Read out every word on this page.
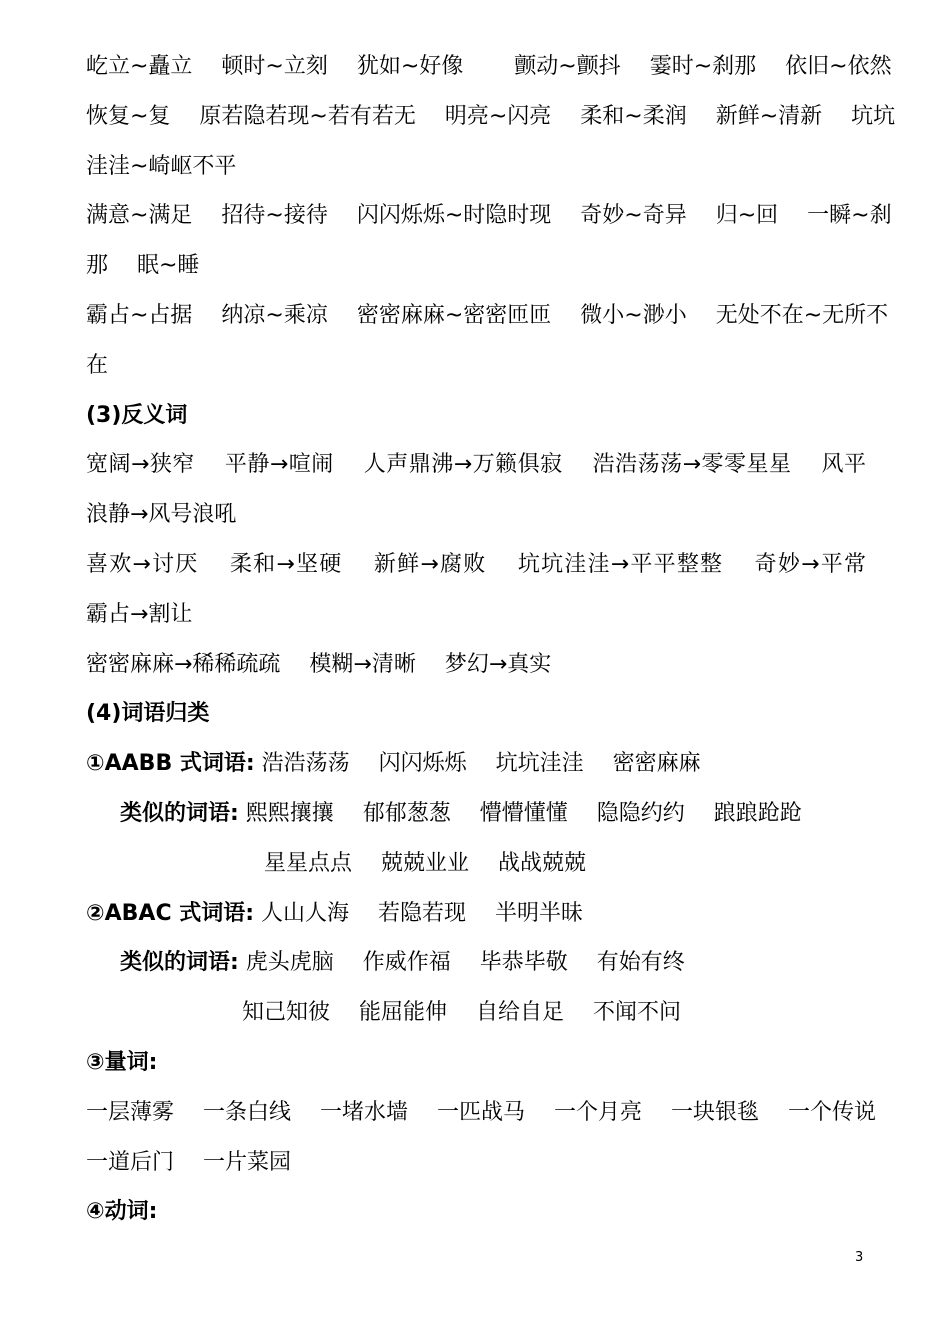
屹立~矗立　 顿时~立刻　 犹如~好像　 　颤动~颤抖　 霎时~刹那　 依旧~依然
恢复~复　 原若隐若现~若有若无　 明亮~闪亮　 柔和~柔润　 新鲜~清新　 坑坑
洼洼~崎岖不平
满意~满足　 招待~接待　 闪闪烁烁~时隐时现　 奇妙~奇异　 归~回　 一瞬~刹
那　 眠~睡
霸占~占据　 纳凉~乘凉　 密密麻麻~密密匝匝　 微小~渺小　 无处不在~无所不
在
(3)反义词
宽阔→狭窄　 平静→喧闹　 人声鼎沸→万籁俱寂　 浩浩荡荡→零零星星　 风平
浪静→风号浪吼
喜欢→讨厌　 柔和→坚硬　 新鲜→腐败　 坑坑洼洼→平平整整　 奇妙→平常
霸占→割让
密密麻麻→稀稀疏疏　 模糊→清晰　 梦幻→真实
(4)词语归类
①AABB 式词语: 浩浩荡荡　 闪闪烁烁　 坑坑洼洼　 密密麻麻
类似的词语: 熙熙攘攘　 郁郁葱葱　 懵懵懂懂　 隐隐约约　 踉踉跄跄
星星点点　 兢兢业业　 战战兢兢
②ABAC 式词语: 人山人海　 若隐若现　 半明半昧
类似的词语: 虎头虎脑　 作威作福　 毕恭毕敬　 有始有终
知己知彼　 能屈能伸　 自给自足　 不闻不问
③量词:
一层薄雾　 一条白线　 一堵水墙　 一匹战马　 一个月亮　 一块银毯　 一个传说
一道后门　 一片菜园
④动词:
3
